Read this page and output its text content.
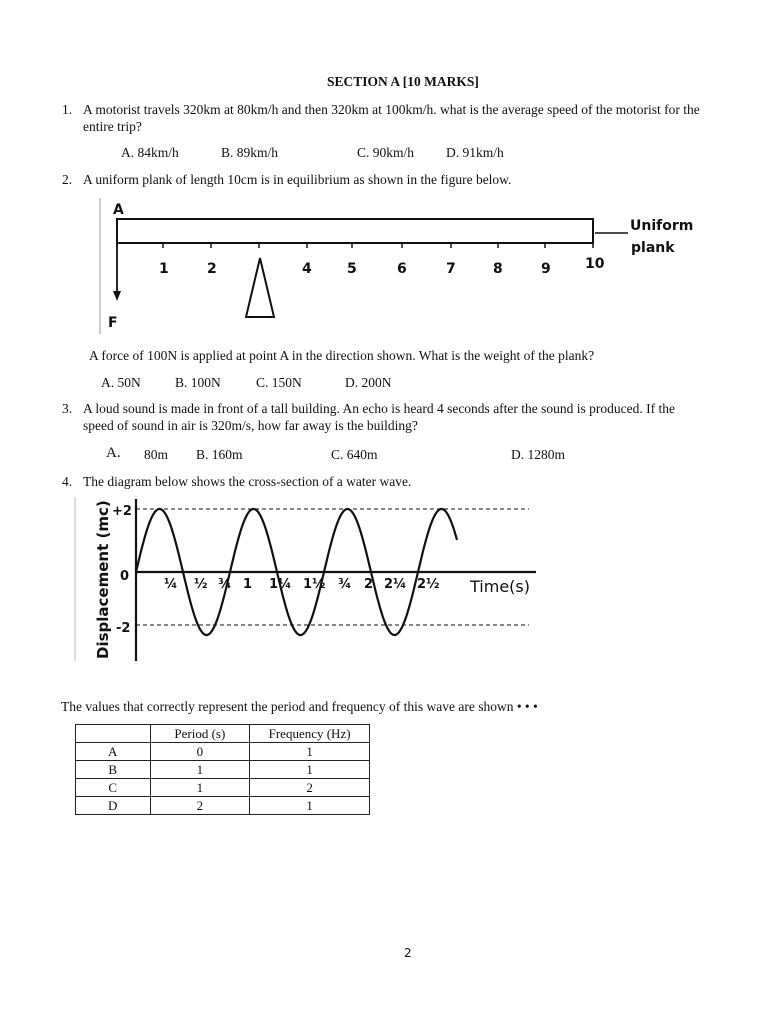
SECTION A [10 MARKS]
1. A motorist travels 320km at 80km/h and then 320km at 100km/h. what is the average speed of the motorist for the
entire trip?
A. 84km/h	B. 89km/h	C. 90km/h D. 91km/h
2. A uniform plank of length 10cm is in equilibrium as shown in the figure below.
1	2	4	5	6	7	8	9 10
A
F
Uniform
plank
A force of 100N is applied at point A in the direction shown. What is the weight of the plank?
A. 50N	B. 100N	C. 150N	D. 200N
3. A loud sound is made in front of a tall building. An echo is heard 4 seconds after the sound is produced. If the
speed of sound in air is 320m/s, how far away is the building?
A. 80m B. 160m	C. 640m	D. 1280m
4. The diagram below shows the cross-section of a water wave.
Displacement (mc) +2
0
-2
¼ ½ ¾ 1 1¼ 1½ ¾ 2 2¼ 2½ Time(s)
The values that correctly represent the period and frequency of this wave are shown • • •
	Period (s)	Frequency (Hz)
A	0	1
B	1	1
C	1	2
D	2	1
2
